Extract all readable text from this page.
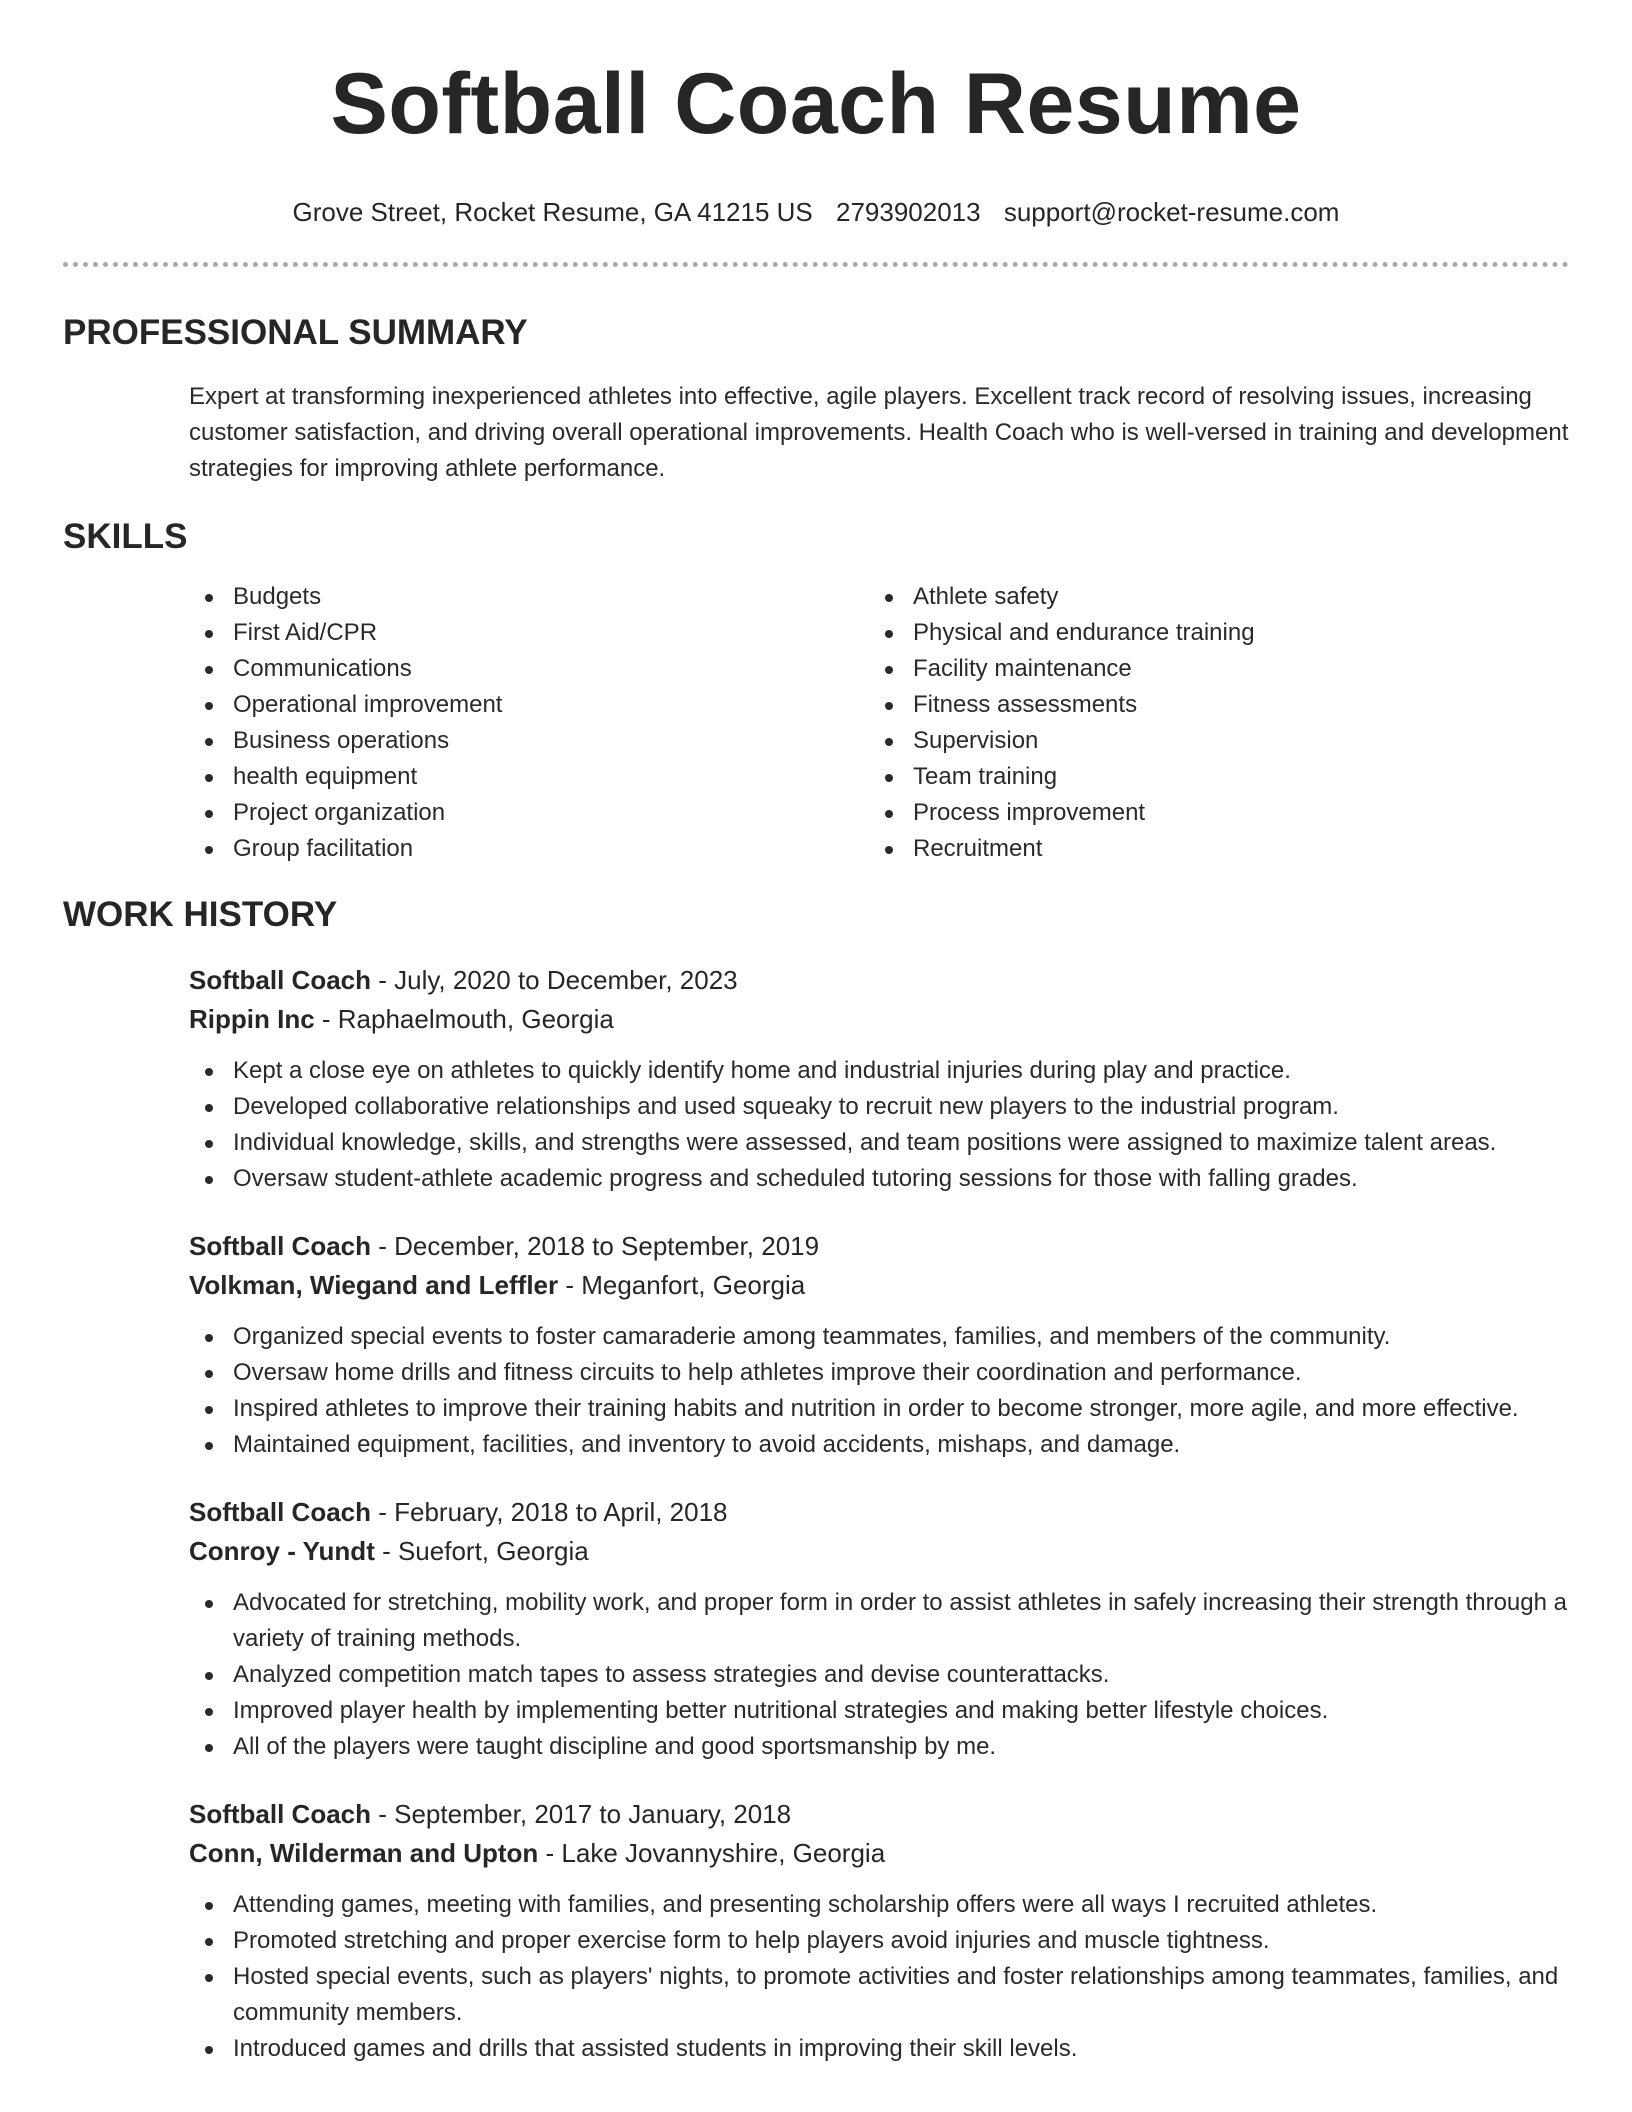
Softball Coach Resume
Grove Street, Rocket Resume, GA 41215 US 2793902013 support@rocket-resume.com
PROFESSIONAL SUMMARY
Expert at transforming inexperienced athletes into effective, agile players. Excellent track record of resolving issues, increasing customer satisfaction, and driving overall operational improvements. Health Coach who is well-versed in training and development strategies for improving athlete performance.
SKILLS
Budgets
First Aid/CPR
Communications
Operational improvement
Business operations
health equipment
Project organization
Group facilitation
Athlete safety
Physical and endurance training
Facility maintenance
Fitness assessments
Supervision
Team training
Process improvement
Recruitment
WORK HISTORY
Softball Coach - July, 2020 to December, 2023
Rippin Inc - Raphaelmouth, Georgia
Kept a close eye on athletes to quickly identify home and industrial injuries during play and practice.
Developed collaborative relationships and used squeaky to recruit new players to the industrial program.
Individual knowledge, skills, and strengths were assessed, and team positions were assigned to maximize talent areas.
Oversaw student-athlete academic progress and scheduled tutoring sessions for those with falling grades.
Softball Coach - December, 2018 to September, 2019
Volkman, Wiegand and Leffler - Meganfort, Georgia
Organized special events to foster camaraderie among teammates, families, and members of the community.
Oversaw home drills and fitness circuits to help athletes improve their coordination and performance.
Inspired athletes to improve their training habits and nutrition in order to become stronger, more agile, and more effective.
Maintained equipment, facilities, and inventory to avoid accidents, mishaps, and damage.
Softball Coach - February, 2018 to April, 2018
Conroy - Yundt - Suefort, Georgia
Advocated for stretching, mobility work, and proper form in order to assist athletes in safely increasing their strength through a variety of training methods.
Analyzed competition match tapes to assess strategies and devise counterattacks.
Improved player health by implementing better nutritional strategies and making better lifestyle choices.
All of the players were taught discipline and good sportsmanship by me.
Softball Coach - September, 2017 to January, 2018
Conn, Wilderman and Upton - Lake Jovannyshire, Georgia
Attending games, meeting with families, and presenting scholarship offers were all ways I recruited athletes.
Promoted stretching and proper exercise form to help players avoid injuries and muscle tightness.
Hosted special events, such as players' nights, to promote activities and foster relationships among teammates, families, and community members.
Introduced games and drills that assisted students in improving their skill levels.
